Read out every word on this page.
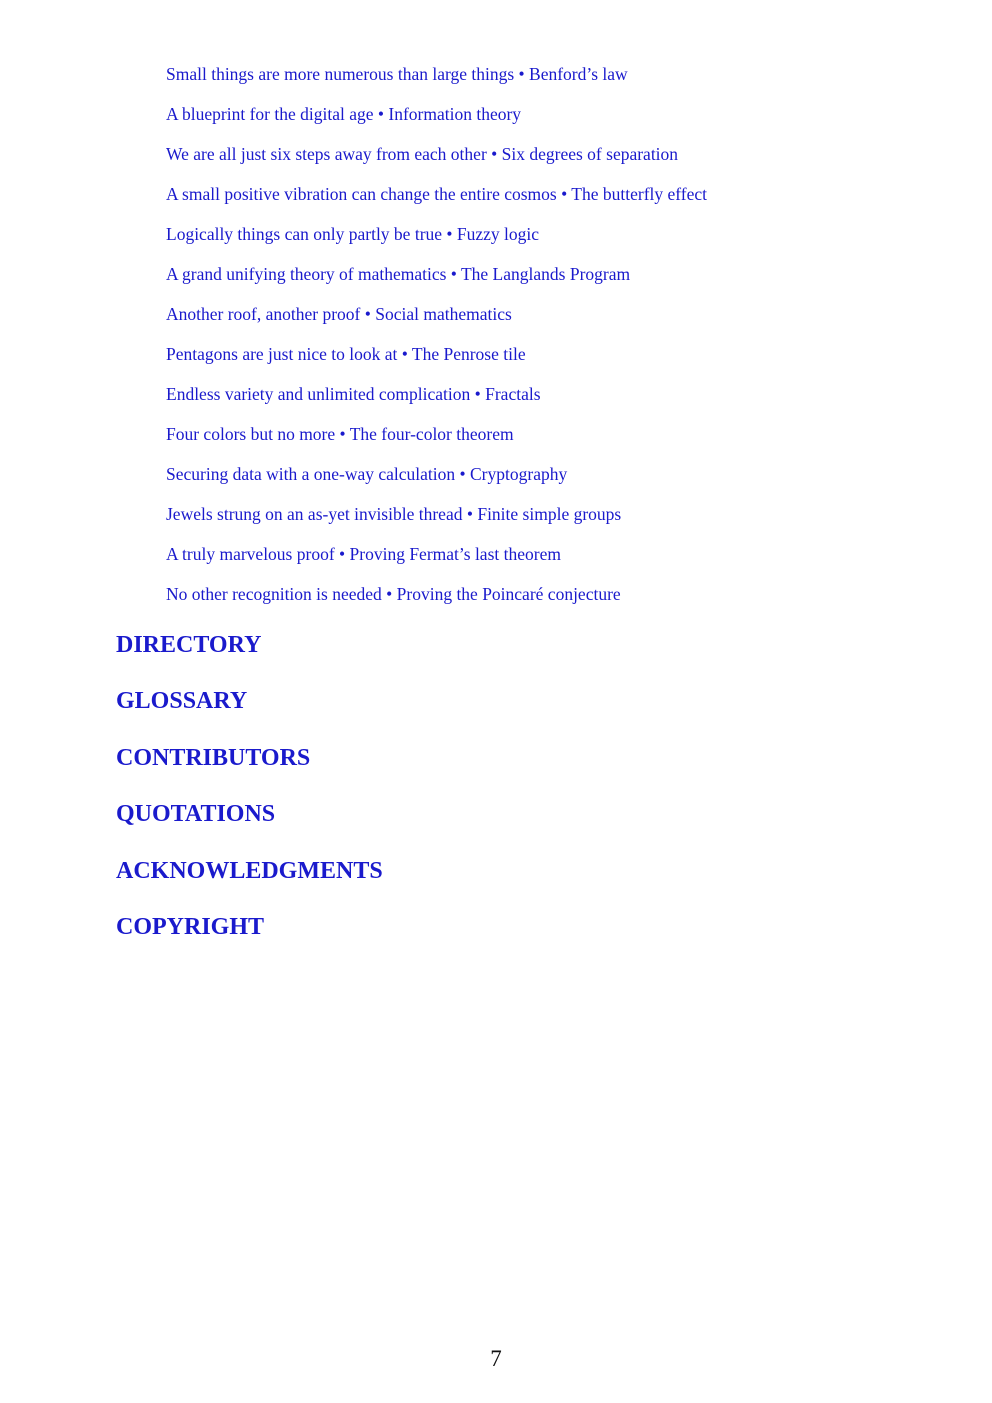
Small things are more numerous than large things • Benford’s law
A blueprint for the digital age • Information theory
We are all just six steps away from each other • Six degrees of separation
A small positive vibration can change the entire cosmos • The butterfly effect
Logically things can only partly be true • Fuzzy logic
A grand unifying theory of mathematics • The Langlands Program
Another roof, another proof • Social mathematics
Pentagons are just nice to look at • The Penrose tile
Endless variety and unlimited complication • Fractals
Four colors but no more • The four-color theorem
Securing data with a one-way calculation • Cryptography
Jewels strung on an as-yet invisible thread • Finite simple groups
A truly marvelous proof • Proving Fermat’s last theorem
No other recognition is needed • Proving the Poincaré conjecture
DIRECTORY
GLOSSARY
CONTRIBUTORS
QUOTATIONS
ACKNOWLEDGMENTS
COPYRIGHT
7
